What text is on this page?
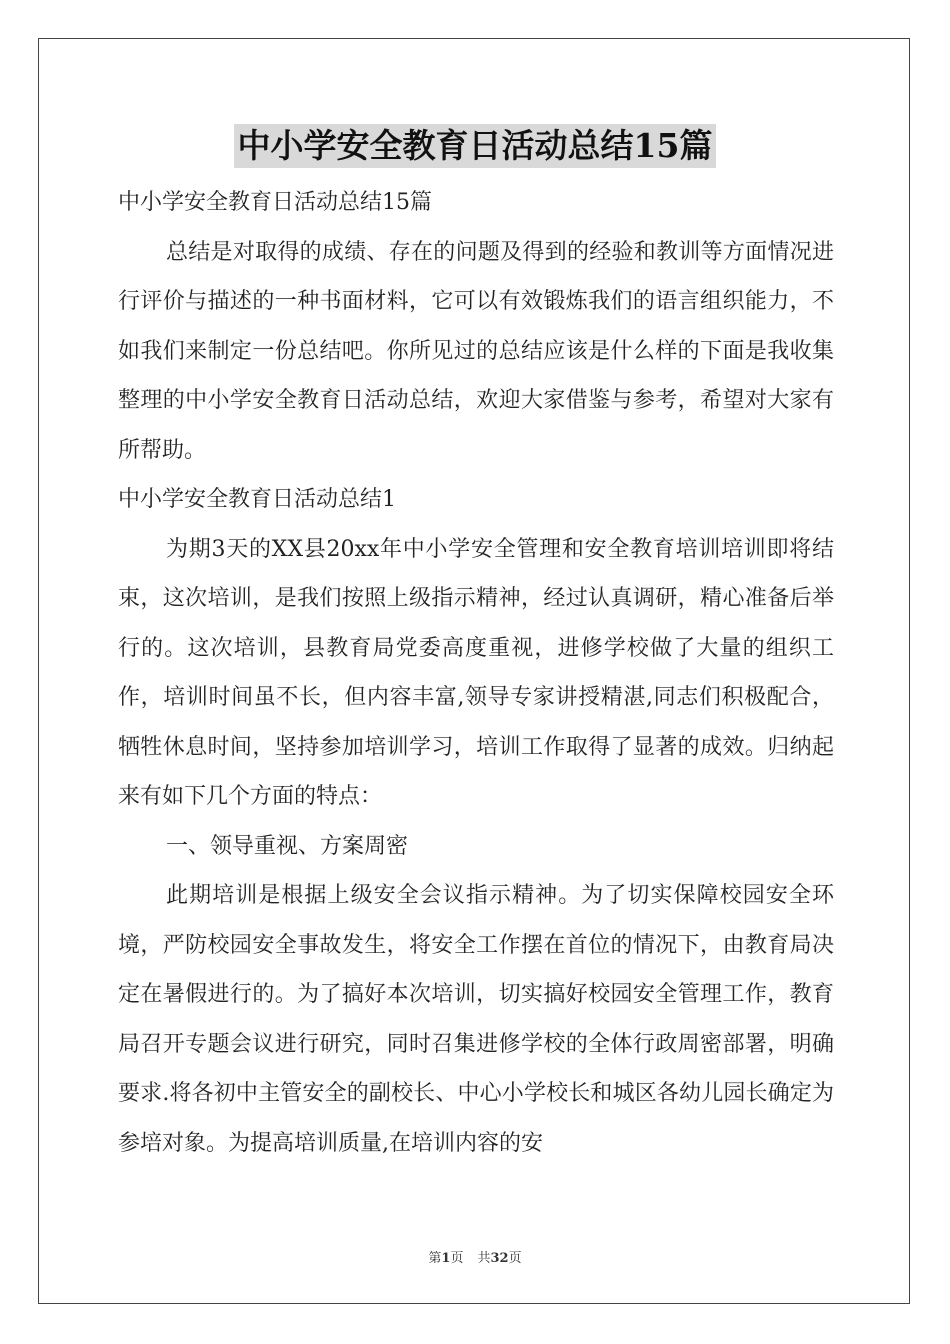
中小学安全教育日活动总结15篇

中小学安全教育日活动总结15篇

总结是对取得的成绩、存在的问题及得到的经验和教训等方面情况进行评价与描述的一种书面材料，它可以有效锻炼我们的语言组织能力，不如我们来制定一份总结吧。你所见过的总结应该是什么样的下面是我收集整理的中小学安全教育日活动总结，欢迎大家借鉴与参考，希望对大家有所帮助。

中小学安全教育日活动总结1

为期3天的XX县20xx年中小学安全管理和安全教育培训培训即将结束，这次培训，是我们按照上级指示精神，经过认真调研，精心准备后举行的。这次培训，县教育局党委高度重视，进修学校做了大量的组织工作，培训时间虽不长，但内容丰富,领导专家讲授精湛,同志们积极配合，牺牲休息时间，坚持参加培训学习，培训工作取得了显著的成效。归纳起来有如下几个方面的特点：

一、领导重视、方案周密

此期培训是根据上级安全会议指示精神。为了切实保障校园安全环境，严防校园安全事故发生，将安全工作摆在首位的情况下，由教育局决定在暑假进行的。为了搞好本次培训，切实搞好校园安全管理工作，教育局召开专题会议进行研究，同时召集进修学校的全体行政周密部署，明确要求.将各初中主管安全的副校长、中心小学校长和城区各幼儿园长确定为参培对象。为提高培训质量,在培训内容的安

第1页 共32页
